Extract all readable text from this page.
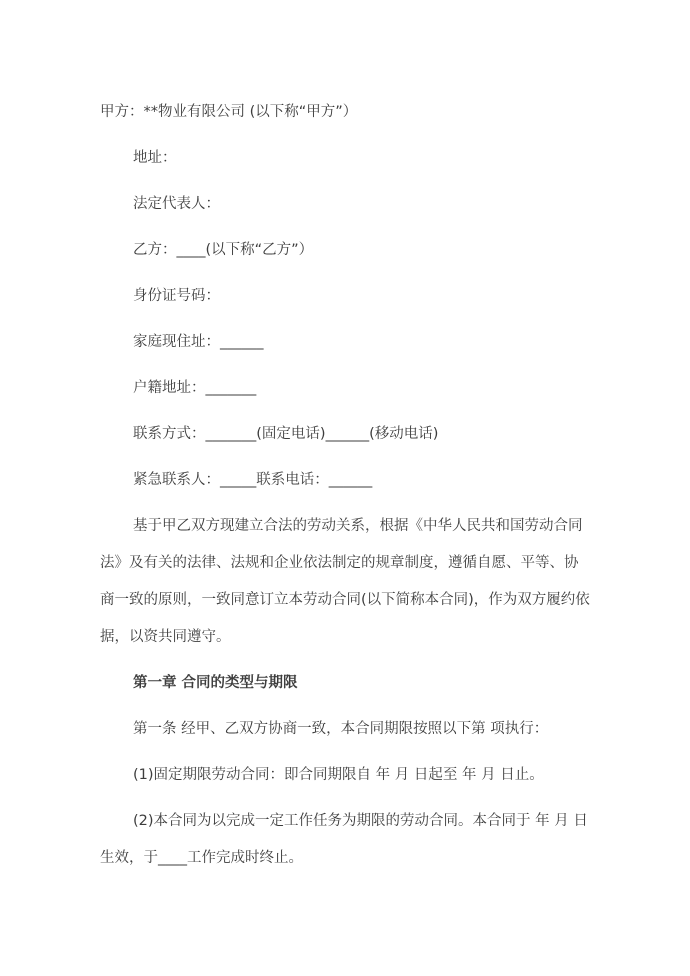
甲方：**物业有限公司 (以下称“甲方”）

地址：

法定代表人：

乙方：____(以下称“乙方”）

身份证号码：

家庭现住址：______

户籍地址：_______

联系方式：_______(固定电话)______(移动电话)

紧急联系人：_____联系电话：______

基于甲乙双方现建立合法的劳动关系，根据《中华人民共和国劳动合同法》及有关的法律、法规和企业依法制定的规章制度，遵循自愿、平等、协商一致的原则，一致同意订立本劳动合同(以下简称本合同)，作为双方履约依据，以资共同遵守。

第一章 合同的类型与期限

第一条 经甲、乙双方协商一致，本合同期限按照以下第 项执行：

(1)固定期限劳动合同：即合同期限自 年 月 日起至 年 月 日止。

(2)本合同为以完成一定工作任务为期限的劳动合同。本合同于 年 月 日生效，于____工作完成时终止。
